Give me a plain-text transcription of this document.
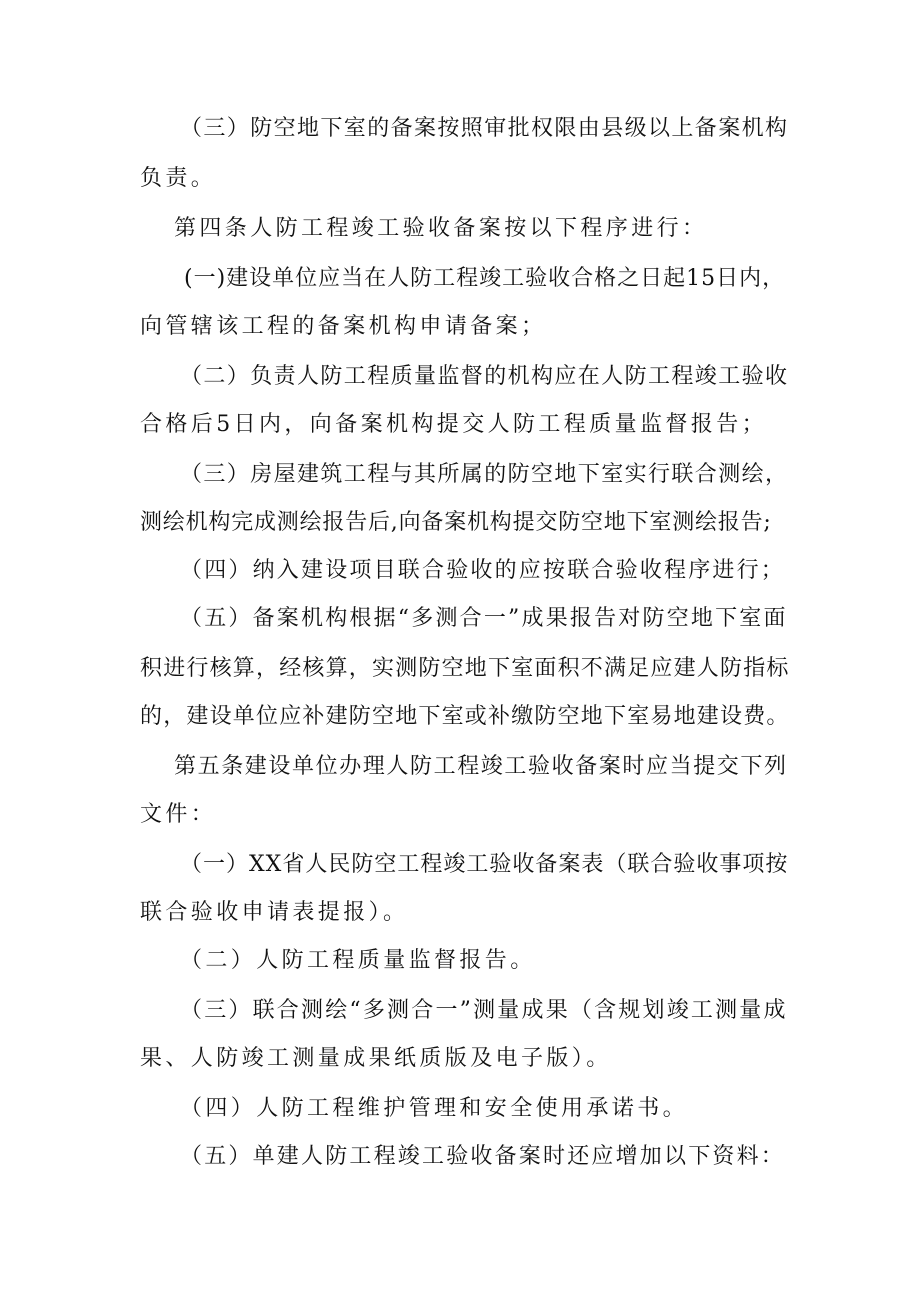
（三）防空地下室的备案按照审批权限由县级以上备案机构
负责。
第四条人防工程竣工验收备案按以下程序进行：
(一)建设单位应当在人防工程竣工验收合格之日起15日内，
向管辖该工程的备案机构申请备案；
（二）负责人防工程质量监督的机构应在人防工程竣工验收
合格后5日内，向备案机构提交人防工程质量监督报告；
（三）房屋建筑工程与其所属的防空地下室实行联合测绘，
测绘机构完成测绘报告后,向备案机构提交防空地下室测绘报告;
（四）纳入建设项目联合验收的应按联合验收程序进行；
（五）备案机构根据“多测合一”成果报告对防空地下室面
积进行核算，经核算，实测防空地下室面积不满足应建人防指标
的，建设单位应补建防空地下室或补缴防空地下室易地建设费。
第五条建设单位办理人防工程竣工验收备案时应当提交下列
文件：
（一）XX省人民防空工程竣工验收备案表（联合验收事项按
联合验收申请表提报）。
（二）人防工程质量监督报告。
（三）联合测绘“多测合一”测量成果（含规划竣工测量成
果、人防竣工测量成果纸质版及电子版）。
（四）人防工程维护管理和安全使用承诺书。
（五）单建人防工程竣工验收备案时还应增加以下资料：
